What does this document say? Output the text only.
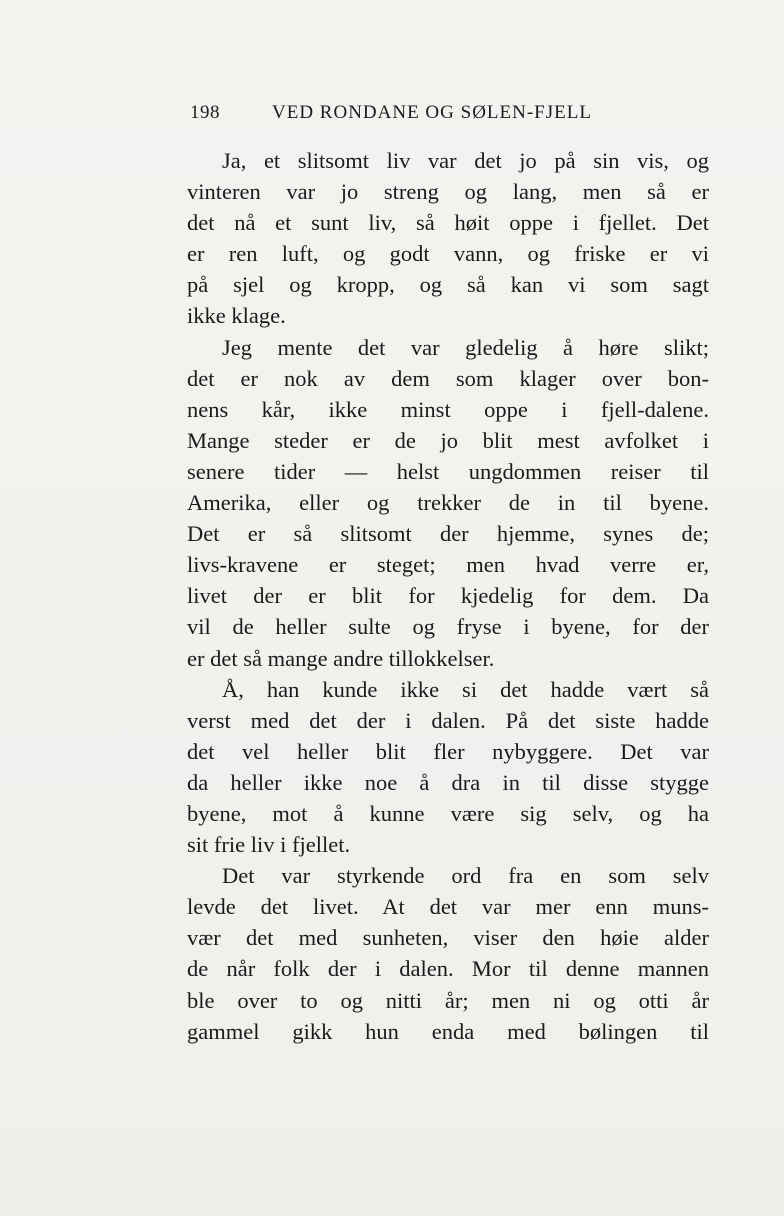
198	VED RONDANE OG SØLEN-FJELL
Ja, et slitsomt liv var det jo på sin vis, og
vinteren var jo streng og lang, men så er
det nå et sunt liv, så høit oppe i fjellet. Det
er ren luft, og godt vann, og friske er vi
på sjel og kropp, og så kan vi som sagt
ikke klage.
Jeg mente det var gledelig å høre slikt;
det er nok av dem som klager over bon-
nens kår, ikke minst oppe i fjell-dalene.
Mange steder er de jo blit mest avfolket i
senere tider — helst ungdommen reiser til
Amerika, eller og trekker de in til byene.
Det er så slitsomt der hjemme, synes de;
livs-kravene er steget; men hvad verre er,
livet der er blit for kjedelig for dem. Da
vil de heller sulte og fryse i byene, for der
er det så mange andre tillokkelser.
Å, han kunde ikke si det hadde vært så
verst med det der i dalen. På det siste hadde
det vel heller blit fler nybyggere. Det var
da heller ikke noe å dra in til disse stygge
byene, mot å kunne være sig selv, og ha
sit frie liv i fjellet.
Det var styrkende ord fra en som selv
levde det livet. At det var mer enn muns-
vær det med sunheten, viser den høie alder
de når folk der i dalen. Mor til denne mannen
ble over to og nitti år; men ni og otti år
gammel gikk hun enda med bølingen til
